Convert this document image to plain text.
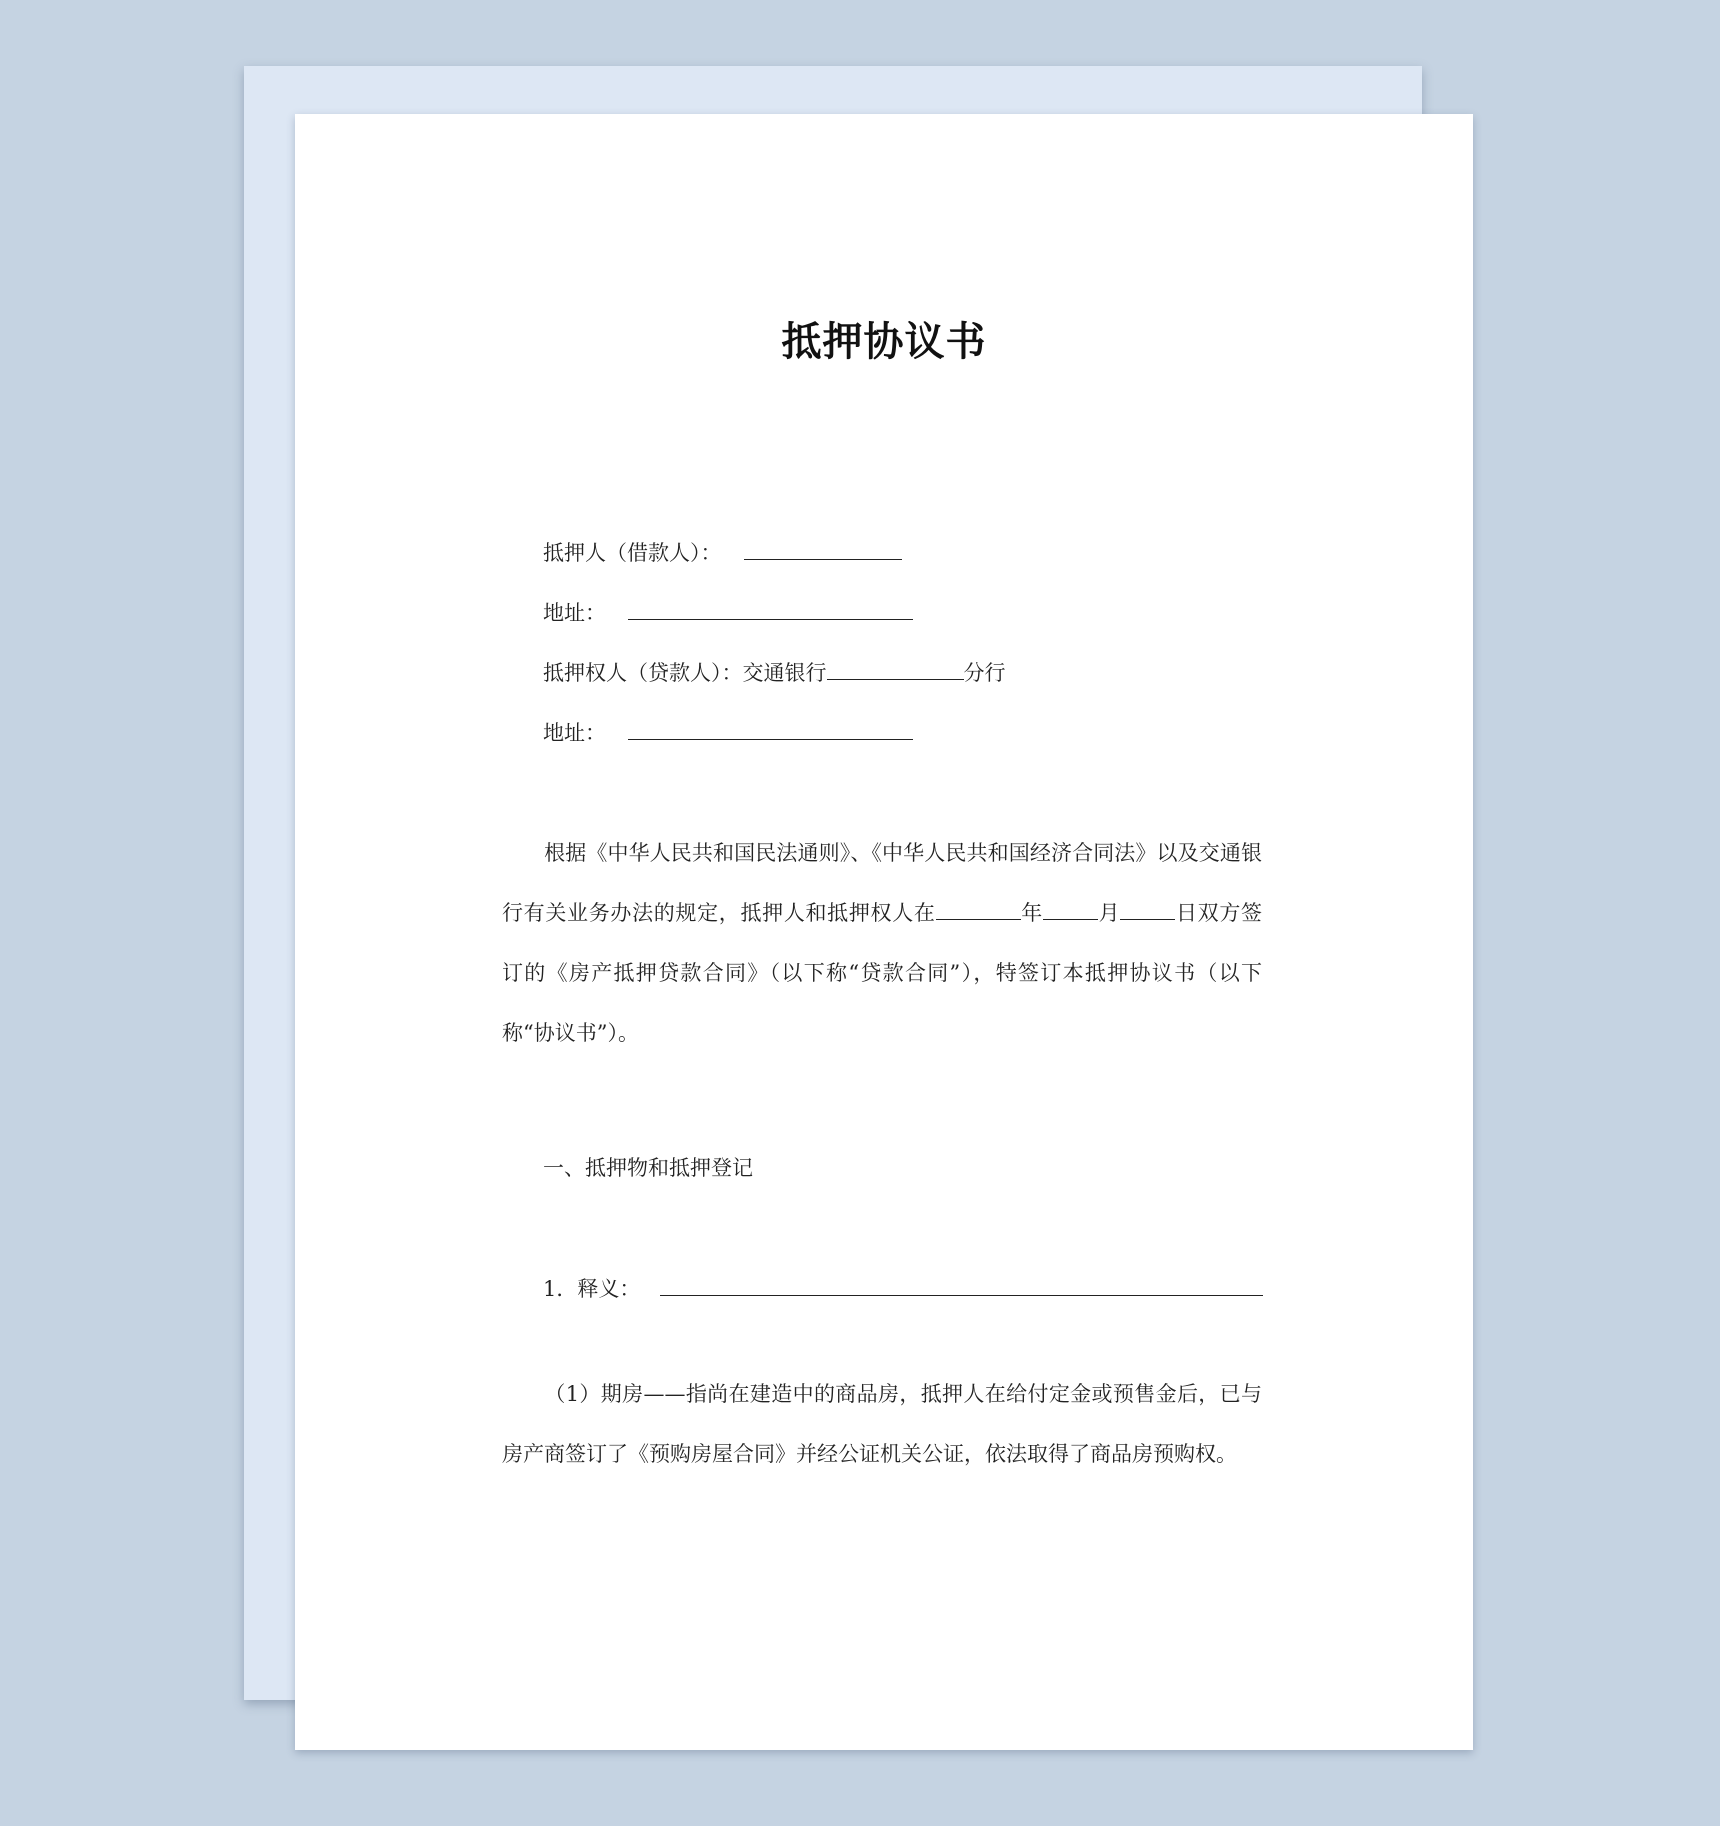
抵押协议书
抵押人（借款人）：
地址：
抵押权人（贷款人）：交通银行	分行
地址：
根据《中华人民共和国民法通则》、《中华人民共和国经济合同法》以及交通银行有关业务办法的规定，抵押人和抵押权人在	年	月	日双方签订的《房产抵押贷款合同》（以下称“贷款合同”），特签订本抵押协议书（以下称“协议书”）。
一、抵押物和抵押登记
1．释义：
（1）期房——指尚在建造中的商品房，抵押人在给付定金或预售金后，已与房产商签订了《预购房屋合同》并经公证机关公证，依法取得了商品房预购权。
